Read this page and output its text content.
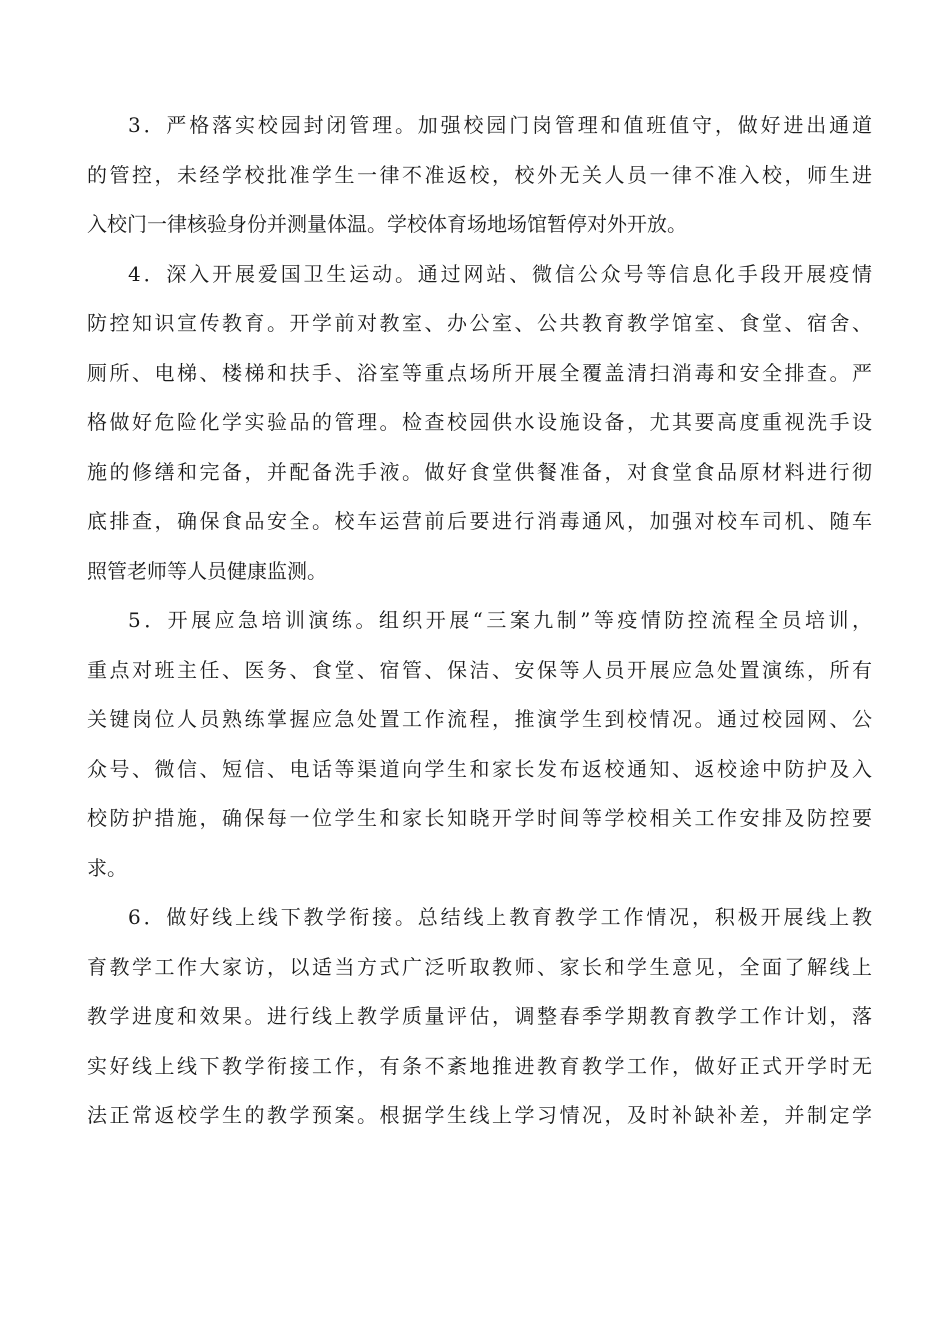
3．严格落实校园封闭管理。加强校园门岗管理和值班值守，做好进出通道
的管控，未经学校批准学生一律不准返校，校外无关人员一律不准入校，师生进
入校门一律核验身份并测量体温。学校体育场地场馆暂停对外开放。
4．深入开展爱国卫生运动。通过网站、微信公众号等信息化手段开展疫情
防控知识宣传教育。开学前对教室、办公室、公共教育教学馆室、食堂、宿舍、
厕所、电梯、楼梯和扶手、浴室等重点场所开展全覆盖清扫消毒和安全排查。严
格做好危险化学实验品的管理。检查校园供水设施设备，尤其要高度重视洗手设
施的修缮和完备，并配备洗手液。做好食堂供餐准备，对食堂食品原材料进行彻
底排查，确保食品安全。校车运营前后要进行消毒通风，加强对校车司机、随车
照管老师等人员健康监测。
5．开展应急培训演练。组织开展“三案九制”等疫情防控流程全员培训，
重点对班主任、医务、食堂、宿管、保洁、安保等人员开展应急处置演练，所有
关键岗位人员熟练掌握应急处置工作流程，推演学生到校情况。通过校园网、公
众号、微信、短信、电话等渠道向学生和家长发布返校通知、返校途中防护及入
校防护措施，确保每一位学生和家长知晓开学时间等学校相关工作安排及防控要
求。
6．做好线上线下教学衔接。总结线上教育教学工作情况，积极开展线上教
育教学工作大家访，以适当方式广泛听取教师、家长和学生意见，全面了解线上
教学进度和效果。进行线上教学质量评估，调整春季学期教育教学工作计划，落
实好线上线下教学衔接工作，有条不紊地推进教育教学工作，做好正式开学时无
法正常返校学生的教学预案。根据学生线上学习情况，及时补缺补差，并制定学
